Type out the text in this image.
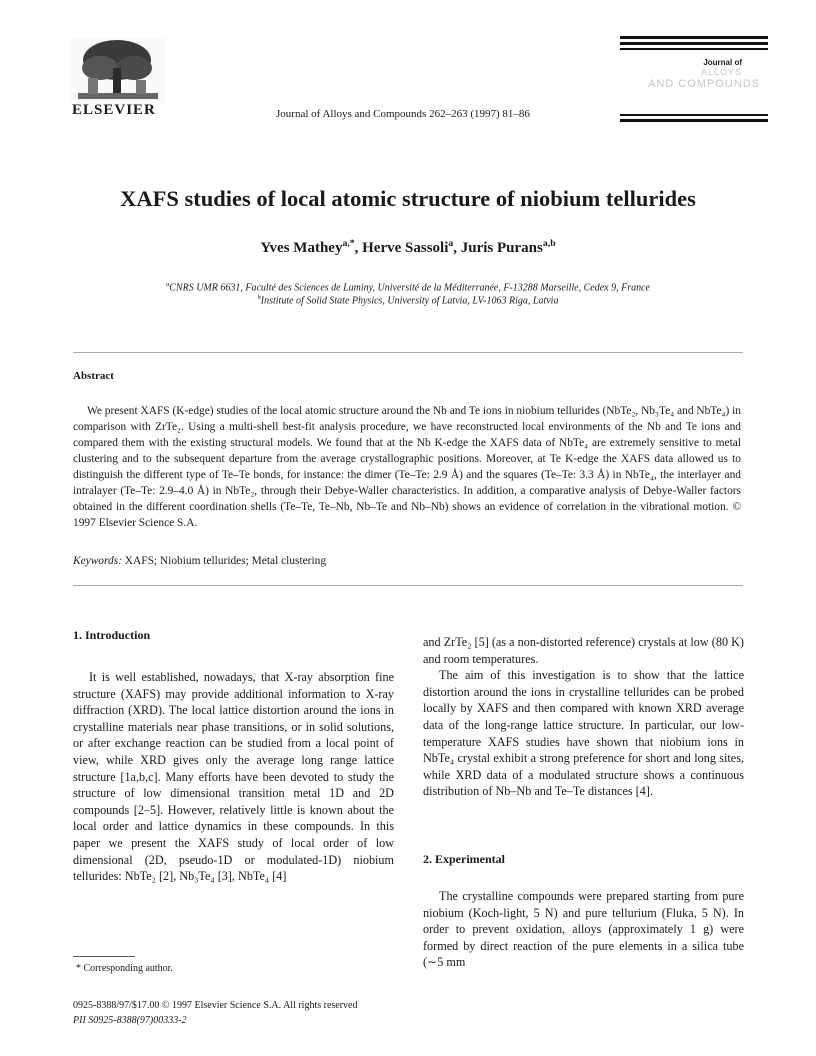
ELSEVIER	Journal of Alloys and Compounds 262–263 (1997) 81–86
Journal of
ALLOYS
AND COMPOUNDS
XAFS studies of local atomic structure of niobium tellurides
Yves Mathey$^{a,*}$, Herve Sassoli$^a$, Juris Purans$^{a,b}$
$^a$CNRS UMR 6631, Faculté des Sciences de Luminy, Université de la Méditerranée, F-13288 Marseille, Cedex 9, France
$^b$Institute of Solid State Physics, University of Latvia, LV-1063 Riga, Latvia
Abstract
We present XAFS (K-edge) studies of the local atomic structure around the Nb and Te ions in niobium tellurides (NbTe₂, Nb₃Te₄ and NbTe₄) in comparison with ZrTe₂. Using a multi-shell best-fit analysis procedure, we have reconstructed local environments of the Nb and Te ions and compared them with the existing structural models. We found that at the Nb K-edge the XAFS data of NbTe₄ are extremely sensitive to metal clustering and to the subsequent departure from the average crystallographic positions. Moreover, at Te K-edge the XAFS data allowed us to distinguish the different type of Te–Te bonds, for instance: the dimer (Te–Te: 2.9 Å) and the squares (Te–Te: 3.3 Å) in NbTe₄, the interlayer and intralayer (Te–Te: 2.9–4.0 Å) in NbTe₂, through their Debye-Waller characteristics. In addition, a comparative analysis of Debye-Waller factors obtained in the different coordination shells (Te–Te, Te–Nb, Nb–Te and Nb–Nb) shows an evidence of correlation in the vibrational motion. © 1997 Elsevier Science S.A.
Keywords: XAFS; Niobium tellurides; Metal clustering
1. Introduction

It is well established, nowadays, that X-ray absorption fine structure (XAFS) may provide additional information to X-ray diffraction (XRD). The local lattice distortion around the ions in crystalline materials near phase transitions, or in solid solutions, or after exchange reaction can be studied from a local point of view, while XRD gives only the average long range lattice structure [1a,b,c]. Many efforts have been devoted to study the structure of low dimensional transition metal 1D and 2D compounds [2–5]. However, relatively little is known about the local order and lattice dynamics in these compounds. In this paper we present the XAFS study of local order of low dimensional (2D, pseudo-1D or modulated-1D) niobium tellurides: NbTe₂ [2], Nb₃Te₄ [3], NbTe₄ [4]

and ZrTe₂ [5] (as a non-distorted reference) crystals at low (80 K) and room temperatures.

The aim of this investigation is to show that the lattice distortion around the ions in crystalline tellurides can be probed locally by XAFS and then compared with known XRD average data of the long-range lattice structure. In particular, our low-temperature XAFS studies have shown that niobium ions in NbTe₄ crystal exhibit a strong preference for short and long sites, while XRD data of a modulated structure shows a continuous distribution of Nb–Nb and Te–Te distances [4].

2. Experimental

The crystalline compounds were prepared starting from pure niobium (Koch-light, 5 N) and pure tellurium (Fluka, 5 N). In order to prevent oxidation, alloys (approximately 1 g) were formed by direct reaction of the pure elements in a silica tube (∼5 mm

* Corresponding author.
0925-8388/97/$17.00 © 1997 Elsevier Science S.A. All rights reserved
PII S0925-8388(97)00333-2
